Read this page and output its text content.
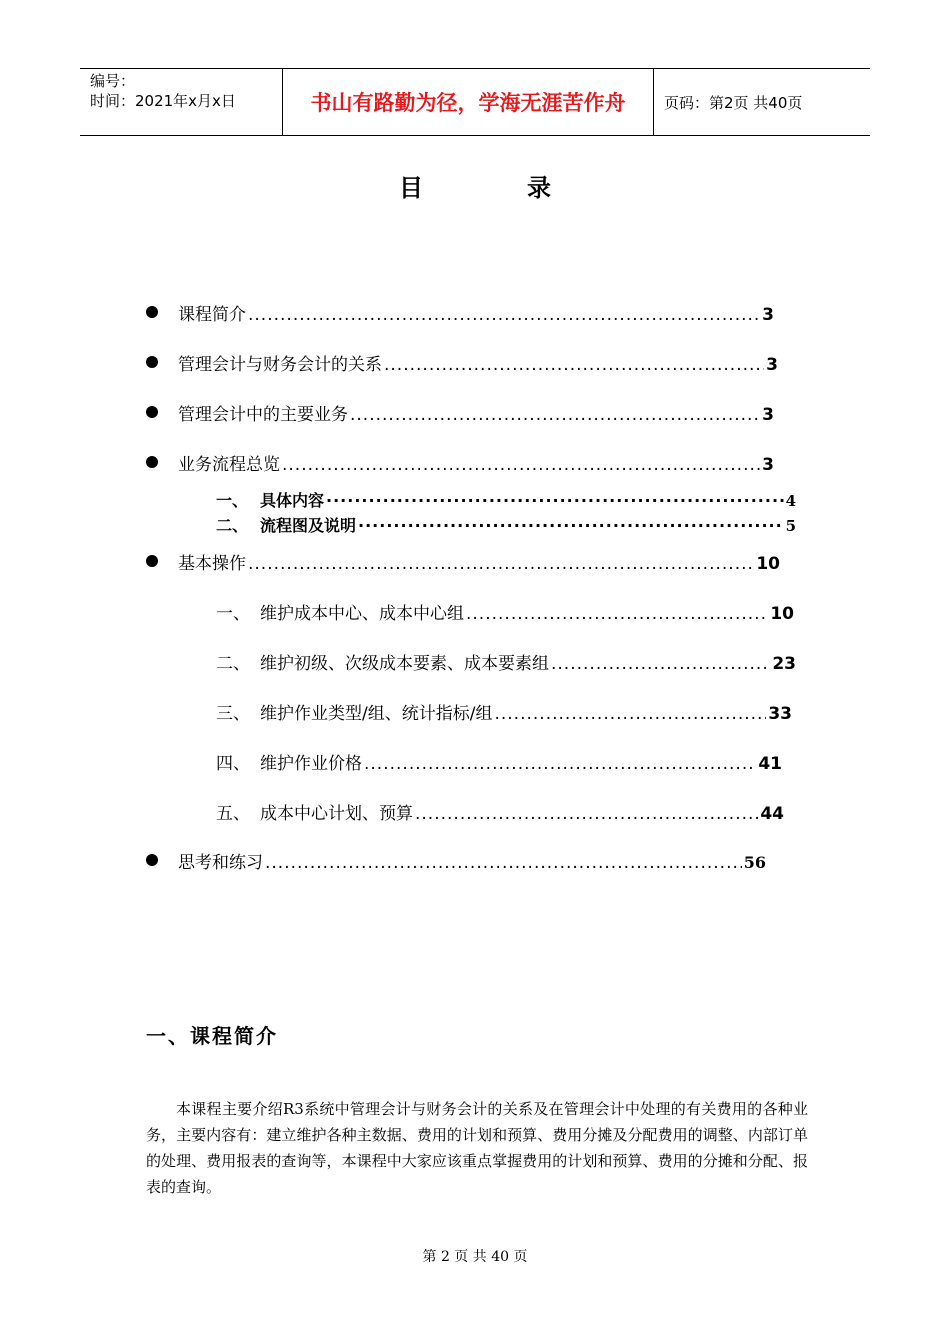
编号：
时间：2021年x月x日	书山有路勤为径，学海无涯苦作舟	页码：第2页 共40页
目	录
课程简介 .....	3
管理会计与财务会计的关系 .....	3
管理会计中的主要业务 .....	3
业务流程总览 .....	3
一、 具体内容 ·····	4
二、 流程图及说明 ·····	5
基本操作 .....	10
一、 维护成本中心、成本中心组 .....	10
二、 维护初级、次级成本要素、成本要素组 .....	23
三、 维护作业类型/组、统计指标/组 .....	33
四、 维护作业价格 .....	41
五、 成本中心计划、预算 .....	44
思考和练习 .....	56
一、课程简介
本课程主要介绍R3系统中管理会计与财务会计的关系及在管理会计中处理的有关费用的各种业务，主要内容有：建立维护各种主数据、费用的计划和预算、费用分摊及分配费用的调整、内部订单的处理、费用报表的查询等，本课程中大家应该重点掌握费用的计划和预算、费用的分摊和分配、报表的查询。
第 2 页 共 40 页
